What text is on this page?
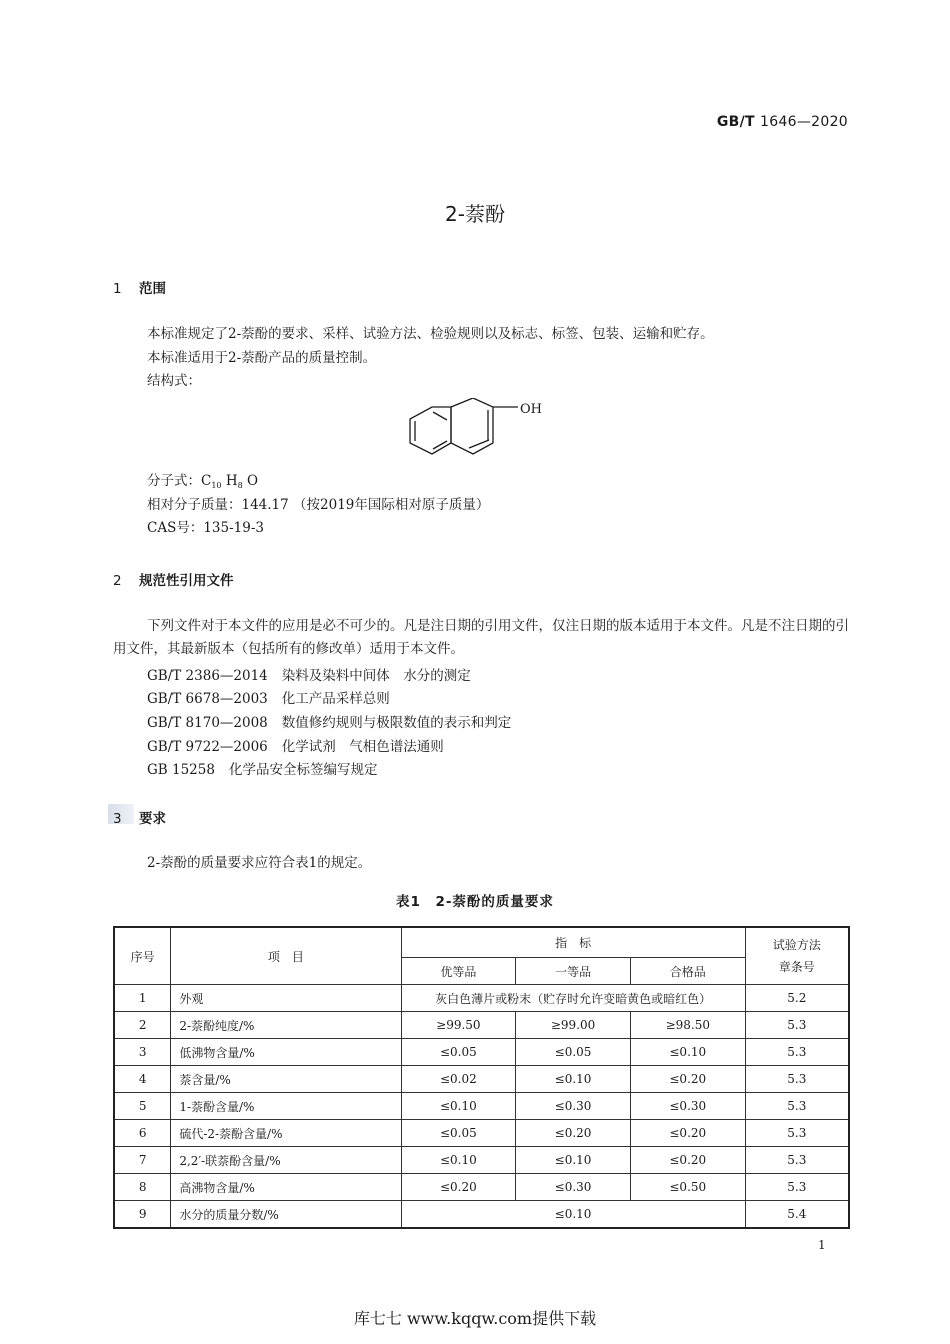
GB/T 1646—2020
2-萘酚
1 范围
本标准规定了2-萘酚的要求、采样、试验方法、检验规则以及标志、标签、包装、运输和贮存。
本标准适用于2-萘酚产品的质量控制。
结构式：
OH
分子式：$C_{10}$ $H_8$ O
相对分子质量：144.17 （按2019年国际相对原子质量）
CAS号：135-19-3
2 规范性引用文件
下列文件对于本文件的应用是必不可少的。凡是注日期的引用文件，仅注日期的版本适用于本文件。凡是不注日期的引用文件，其最新版本（包括所有的修改单）适用于本文件。
GB/T 2386—2014 染料及染料中间体　水分的测定
GB/T 6678—2003 化工产品采样总则
GB/T 8170—2008 数值修约规则与极限数值的表示和判定
GB/T 9722—2006 化学试剂　气相色谱法通则
GB 15258 化学品安全标签编写规定
3 要求
2-萘酚的质量要求应符合表1的规定。
表1　2-萘酚的质量要求
序号	项　目	指　标			试验方法章条号
		优等品	一等品	合格品	
1	外观	灰白色薄片或粉末（贮存时允许变暗黄色或暗红色）			5.2
2	2-萘酚纯度/%	≥99.50	≥99.00	≥98.50	5.3
3	低沸物含量/%	≤0.05	≤0.05	≤0.10	5.3
4	萘含量/%	≤0.02	≤0.10	≤0.20	5.3
5	1-萘酚含量/%	≤0.10	≤0.30	≤0.30	5.3
6	硫代-2-萘酚含量/%	≤0.05	≤0.20	≤0.20	5.3
7	2,2′-联萘酚含量/%	≤0.10	≤0.10	≤0.20	5.3
8	高沸物含量/%	≤0.20	≤0.30	≤0.50	5.3
9	水分的质量分数/%	≤0.10			5.4
1
库七七 www.kqqw.com提供下载
